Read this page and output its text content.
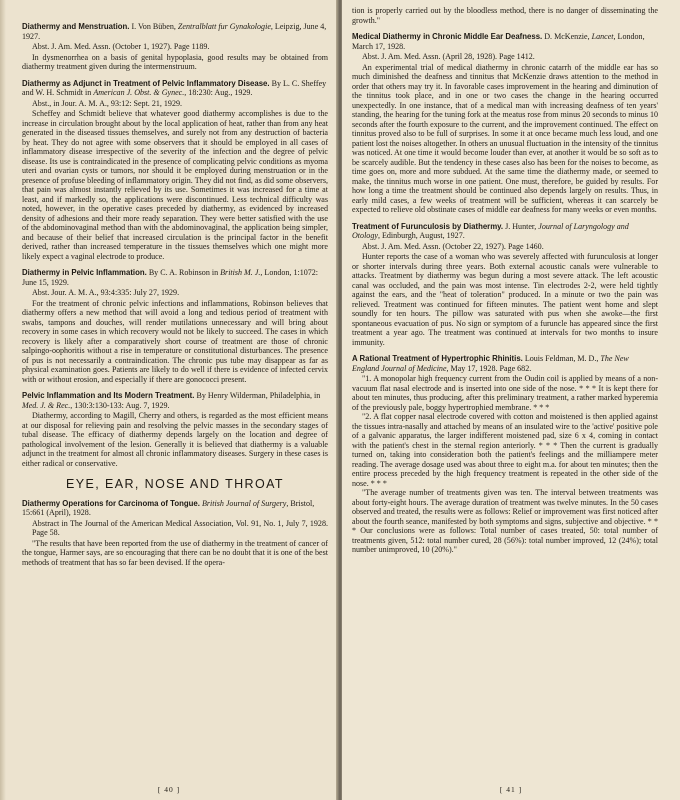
Diathermy and Menstruation. I. Von Büben, Zentralblatt fur Gynakologie, Leipzig, June 4, 1927.
Abst. J. Am. Med. Assn. (October 1, 1927). Page 1189.

In dysmenorrhea on a basis of genital hypoplasia, good results may be obtained from diathermy treatment given during the intermenstruum.

Diathermy as Adjunct in Treatment of Pelvic Inflammatory Disease. By L. C. Sheffey and W. H. Schmidt in American J. Obst. & Gynec., 18:230: Aug., 1929.
Abst., in Jour. A. M. A., 93:12: Sept. 21, 1929.

Scheffey and Schmidt believe that whatever good diathermy accomplishes is due to the increase in circulation brought about by the local application of heat, rather than from any heat generated in the diseased tissues themselves, and surely not from any destruction of bacteria by heat. They do not agree with some observers that it should be employed in all cases of inflammatory disease irrespective of the severity of the infection and the degree of pelvic disease. Its use is contraindicated in the presence of complicating pelvic conditions as myoma uteri and ovarian cysts or tumors, nor should it be employed during menstruation or in the presence of profuse bleeding of inflammatory origin. They did not find, as did some observers, that pain was almost instantly relieved by its use. Sometimes it was increased for a time at least, and if markedly so, the applications were discontinued. Less technical difficulty was noted, however, in the operative cases preceded by diathermy, as evidenced by increased density of adhesions and their more ready separation. They were better satisfied with the use of the abdominovaginal method than with the abdominovaginal, the application being simpler, and because of their belief that increased circulation is the principal factor in the benefit derived, rather than increased temperature in the tissues themselves which one might more likely expect a vaginal electrode to produce.

Diathermy in Pelvic Inflammation. By C. A. Robinson in British M. J., London, 1:1072: June 15, 1929.
Abst. Jour. A. M. A., 93:4:335: July 27, 1929.

For the treatment of chronic pelvic infections and inflammations, Robinson believes that diathermy offers a new method that will avoid a long and tedious period of treatment with swabs, tampons and douches, will render mutilations unnecessary and will bring about recovery in some cases in which recovery would not be likely to succeed. The cases in which recovery is likely after a comparatively short course of treatment are those of chronic salpingo-oophoritis without a rise in temperature or constitutional disturbances. The presence of pus is not necessarily a contraindication. The chronic pus tube may disappear as far as physical examination goes. Patients are likely to do well if there is evidence of infected cervix with or without erosion, and especially if there are gonococci present.

Pelvic Inflammation and Its Modern Treatment. By Henry Wilderman, Philadelphia, in Med. J. & Rec., 130:3:130-133: Aug. 7, 1929.

Diathermy, according to Magill, Cherry and others, is regarded as the most efficient means at our disposal for relieving pain and resolving the pelvic masses in the secondary stages of tubal disease. The efficacy of diathermy depends largely on the location and degree of pathological involvement of the lesion. Generally it is believed that diathermy is a valuable adjunct in the treatment for almost all chronic inflammatory diseases. Surgery in these cases is either radical or conservative.

EYE, EAR, NOSE AND THROAT
Diathermy Operations for Carcinoma of Tongue. British Journal of Surgery, Bristol, 15:661 (April), 1928.
Abstract in The Journal of the American Medical Association, Vol. 91, No. 1, July 7, 1928. Page 58.

"The results that have been reported from the use of diathermy in the treatment of cancer of the tongue, Harmer says, are so encouraging that there can be no doubt that it is one of the best methods of treatment that has so far been devised. If the opera-

[ 40 ]

tion is properly carried out by the bloodless method, there is no danger of disseminating the growth."

Medical Diathermy in Chronic Middle Ear Deafness. D. McKenzie, Lancet, London, March 17, 1928.
Abst. J. Am. Med. Assn. (April 28, 1928). Page 1412.

An experimental trial of medical diathermy in chronic catarrh of the middle ear has so much diminished the deafness and tinnitus that McKenzie draws attention to the method in order that others may try it. In favorable cases improvement in the hearing and diminution of the tinnitus took place, and in one or two cases the change in the hearing occurred unexpectedly. In one instance, that of a medical man with increasing deafness of ten years' standing, the hearing for the tuning fork at the meatus rose from minus 20 seconds to minus 10 seconds after the fourth exposure to the current, and the improvement continued. The effect on tinnitus proved also to be full of surprises. In some it at once became much less loud, and one patient lost the noises altogether. In others an unusual fluctuation in the intensity of the tinnitus was noticed. At one time it would become louder than ever, at another it would be so soft as to be scarcely audible. But the tendency in these cases also has been for the noises to become, as time goes on, more and more subdued. At the same time the diathermy made, or seemed to make, the tinnitus much worse in one patient. One must, therefore, be guided by results. For how long a time the treatment should be continued also depends largely on results. Thus, in early mild cases, a few weeks of treatment will be sufficient, whereas it can scarcely be expected to relieve old obstinate cases of middle ear deafness for many weeks or even months.

Treatment of Furunculosis by Diathermy. J. Hunter, Journal of Laryngology and Otology, Edinburgh, August, 1927.
Abst. J. Am. Med. Assn. (October 22, 1927). Page 1460.

Hunter reports the case of a woman who was severely affected with furunculosis at longer or shorter intervals during three years. Both external acoustic canals were vulnerable to attacks. Treatment by diathermy was begun during a most severe attack. The left acoustic canal was occluded, and the pain was most intense. Tin electrodes 2-2, were held tightly against the ears, and the "heat of toleration" produced. In a minute or two the pain was relieved. Treatment was continued for fifteen minutes. The patient went home and slept soundly for ten hours. The pillow was saturated with pus when she awoke—the first spontaneous evacuation of pus. No sign or symptom of a furuncle has appeared since the first treatment a year ago. The treatment was continued at intervals for two months to insure immunity.

A Rational Treatment of Hypertrophic Rhinitis. Louis Feldman, M. D., The New England Journal of Medicine, May 17, 1928. Page 682.

"1. A monopolar high frequency current from the Oudin coil is applied by means of a non-vacuum flat nasal electrode and is inserted into one side of the nose. * * * It is kept there for about ten minutes, thus producing, after this preliminary treatment, a rather marked hyperemia of the previously pale, boggy hypertrophied membrane. * * *

"2. A flat copper nasal electrode covered with cotton and moistened is then applied against the tissues intra-nasally and attached by means of an insulated wire to the 'active' positive pole of a galvanic apparatus, the larger indifferent moistened pad, size 6 x 4, coming in contact with the patient's chest in the sternal region anteriorly. * * * Then the current is gradually turned on, taking into consideration both the patient's feelings and the milliampere meter reading. The average dosage used was about three to eight m.a. for about ten minutes; then the entire process preceded by the high frequency treatment is repeated in the other side of the nose. * * *

"The average number of treatments given was ten. The interval between treatments was about forty-eight hours. The average duration of treatment was twelve minutes. In the 50 cases observed and treated, the results were as follows: Relief or improvement was first noticed after about the fourth seance, manifested by both symptoms and signs, subjective and objective. * * * Our conclusions were as follows: Total number of cases treated, 50: total number of treatments given, 512: total number cured, 28 (56%): total number improved, 12 (24%); total number unimproved, 10 (20%)."

[ 41 ]
